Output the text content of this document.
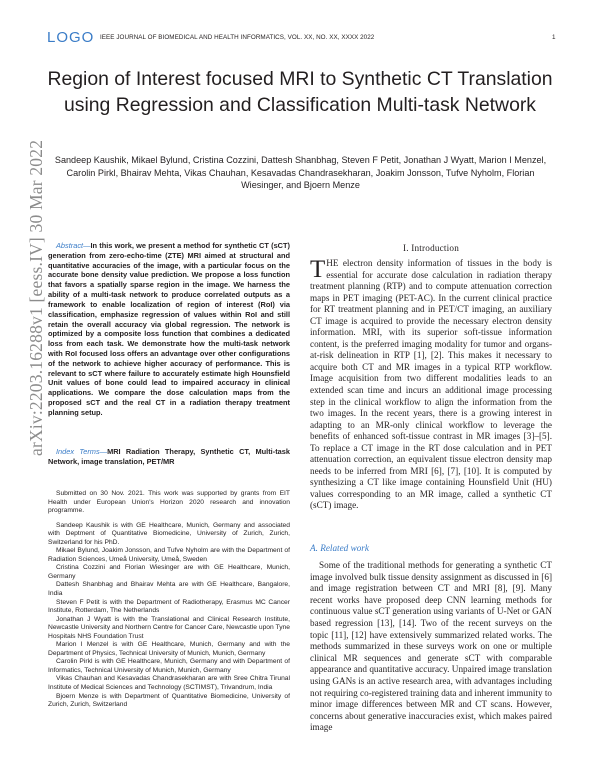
LOGO IEEE JOURNAL OF BIOMEDICAL AND HEALTH INFORMATICS, VOL. XX, NO. XX, XXXX 2022	1
arXiv:2203.16288v1 [eess.IV] 30 Mar 2022
Region of Interest focused MRI to Synthetic CT Translation using Regression and Classification Multi-task Network
Sandeep Kaushik, Mikael Bylund, Cristina Cozzini, Dattesh Shanbhag, Steven F Petit, Jonathan J Wyatt, Marion I Menzel, Carolin Pirkl, Bhairav Mehta, Vikas Chauhan, Kesavadas Chandrasekharan, Joakim Jonsson, Tufve Nyholm, Florian Wiesinger, and Bjoern Menze
Abstract—In this work, we present a method for synthetic CT (sCT) generation from zero-echo-time (ZTE) MRI aimed at structural and quantitative accuracies of the image, with a particular focus on the accurate bone density value prediction. We propose a loss function that favors a spatially sparse region in the image. We harness the ability of a multi-task network to produce correlated outputs as a framework to enable localization of region of interest (RoI) via classification, emphasize regression of values within RoI and still retain the overall accuracy via global regression. The network is optimized by a composite loss function that combines a dedicated loss from each task. We demonstrate how the multi-task network with RoI focused loss offers an advantage over other configurations of the network to achieve higher accuracy of performance. This is relevant to sCT where failure to accurately estimate high Hounsfield Unit values of bone could lead to impaired accuracy in clinical applications. We compare the dose calculation maps from the proposed sCT and the real CT in a radiation therapy treatment planning setup.
Index Terms—MRI Radiation Therapy, Synthetic CT, Multi-task Network, image translation, PET/MR

Submitted on 30 Nov. 2021. This work was supported by grants from EIT Health under European Union's Horizon 2020 research and innovation programme.

Sandeep Kaushik is with GE Healthcare, Munich, Germany and associated with Deptment of Quantitative Biomedicine, University of Zurich, Zurich, Switzerland for his PhD.

Mikael Bylund, Joakim Jonsson, and Tufve Nyholm are with the Department of Radiation Sciences, Umeå University, Umeå, Sweden

Cristina Cozzini and Florian Wiesinger are with GE Healthcare, Munich, Germany

Dattesh Shanbhag and Bhairav Mehta are with GE Healthcare, Bangalore, India

Steven F Petit is with the Department of Radiotherapy, Erasmus MC Cancer Institute, Rotterdam, The Netherlands

Jonathan J Wyatt is with the Translational and Clinical Research Institute, Newcastle University and Northern Centre for Cancer Care, Newcastle upon Tyne Hospitals NHS Foundation Trust

Marion I Menzel is with GE Healthcare, Munich, Germany and with the Department of Physics, Technical University of Munich, Munich, Germany

Carolin Pirkl is with GE Healthcare, Munich, Germany and with Department of Informatics, Technical University of Munich, Munich, Germany

Vikas Chauhan and Kesavadas Chandrasekharan are with Sree Chitra Tirunal Institute of Medical Sciences and Technology (SCTIMST), Trivandrum, India

Bjoern Menze is with Department of Quantitative Biomedicine, University of Zurich, Zurich, Switzerland

I. Introduction
THE electron density information of tissues in the body is essential for accurate dose calculation in radiation therapy treatment planning (RTP) and to compute attenuation correction maps in PET imaging (PET-AC). In the current clinical practice for RT treatment planning and in PET/CT imaging, an auxiliary CT image is acquired to provide the necessary electron density information. MRI, with its superior soft-tissue information content, is the preferred imaging modality for tumor and organs-at-risk delineation in RTP [1], [2]. This makes it necessary to acquire both CT and MR images in a typical RTP workflow. Image acquisition from two different modalities leads to an extended scan time and incurs an additional image processing step in the clinical workflow to align the information from the two images. In the recent years, there is a growing interest in adapting to an MR-only clinical workflow to leverage the benefits of enhanced soft-tissue contrast in MR images [3]–[5]. To replace a CT image in the RT dose calculation and in PET attenuation correction, an equivalent tissue electron density map needs to be inferred from MRI [6], [7], [10]. It is computed by synthesizing a CT like image containing Hounsfield Unit (HU) values corresponding to an MR image, called a synthetic CT (sCT) image.
A. Related work
Some of the traditional methods for generating a synthetic CT image involved bulk tissue density assignment as discussed in [6] and image registration between CT and MRI [8], [9]. Many recent works have proposed deep CNN learning methods for continuous value sCT generation using variants of U-Net or GAN based regression [13], [14]. Two of the recent surveys on the topic [11], [12] have extensively summarized related works. The methods summarized in these surveys work on one or multiple clinical MR sequences and generate sCT with comparable appearance and quantitative accuracy. Unpaired image translation using GANs is an active research area, with advantages including not requiring co-registered training data and inherent immunity to minor image differences between MR and CT scans. However, concerns about generative inaccuracies exist, which makes paired image
